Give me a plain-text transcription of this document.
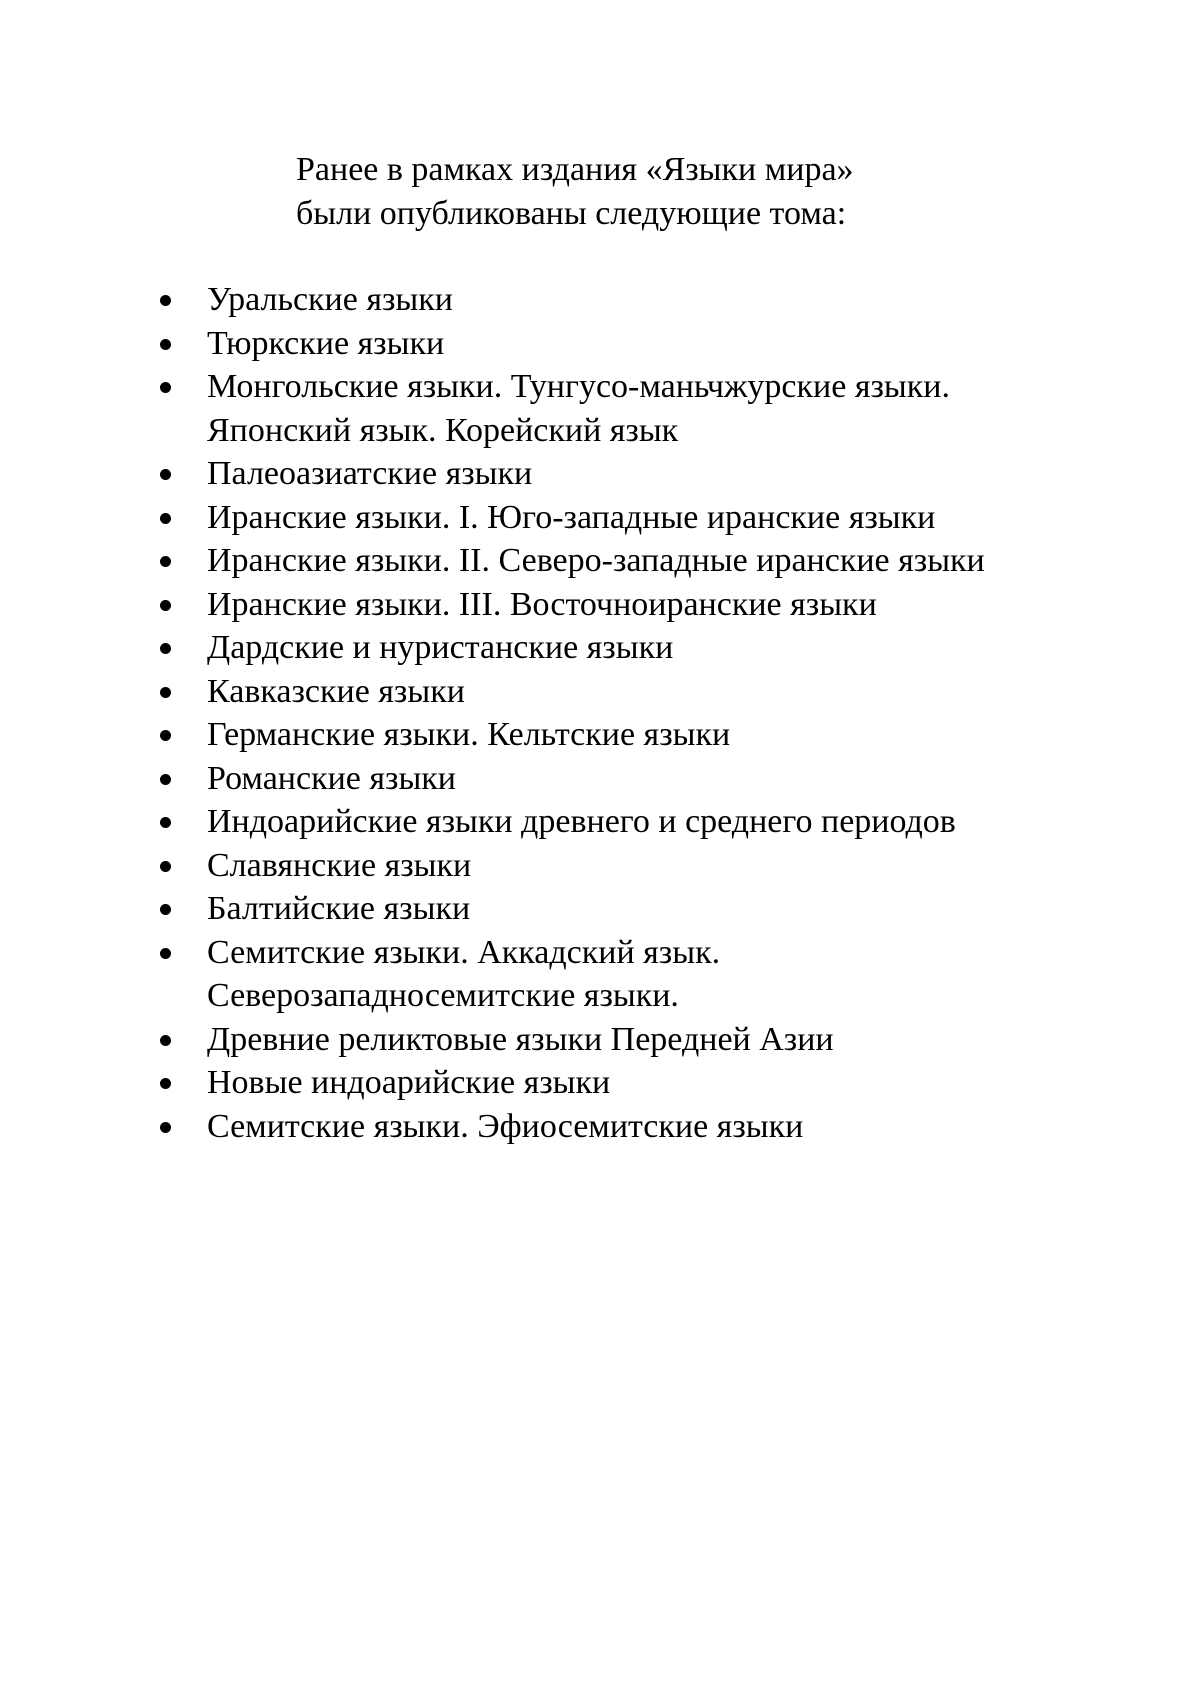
Ранее в рамках издания «Языки мира»
были опубликованы следующие тома:
Уральские языки
Тюркские языки
Монгольские языки. Тунгусо-маньчжурские языки.
Японский язык. Корейский язык
Палеоазиатские языки
Иранские языки. I. Юго-западные иранские языки
Иранские языки. II. Северо-западные иранские языки
Иранские языки. III. Восточноиранские языки
Дардские и нуристанские языки
Кавказские языки
Германские языки. Кельтские языки
Романские языки
Индоарийские языки древнего и среднего периодов
Славянские языки
Балтийские языки
Семитские языки. Аккадский язык.
Северозападносемитские языки.
Древние реликтовые языки Передней Азии
Новые индоарийские языки
Семитские языки. Эфиосемитские языки
